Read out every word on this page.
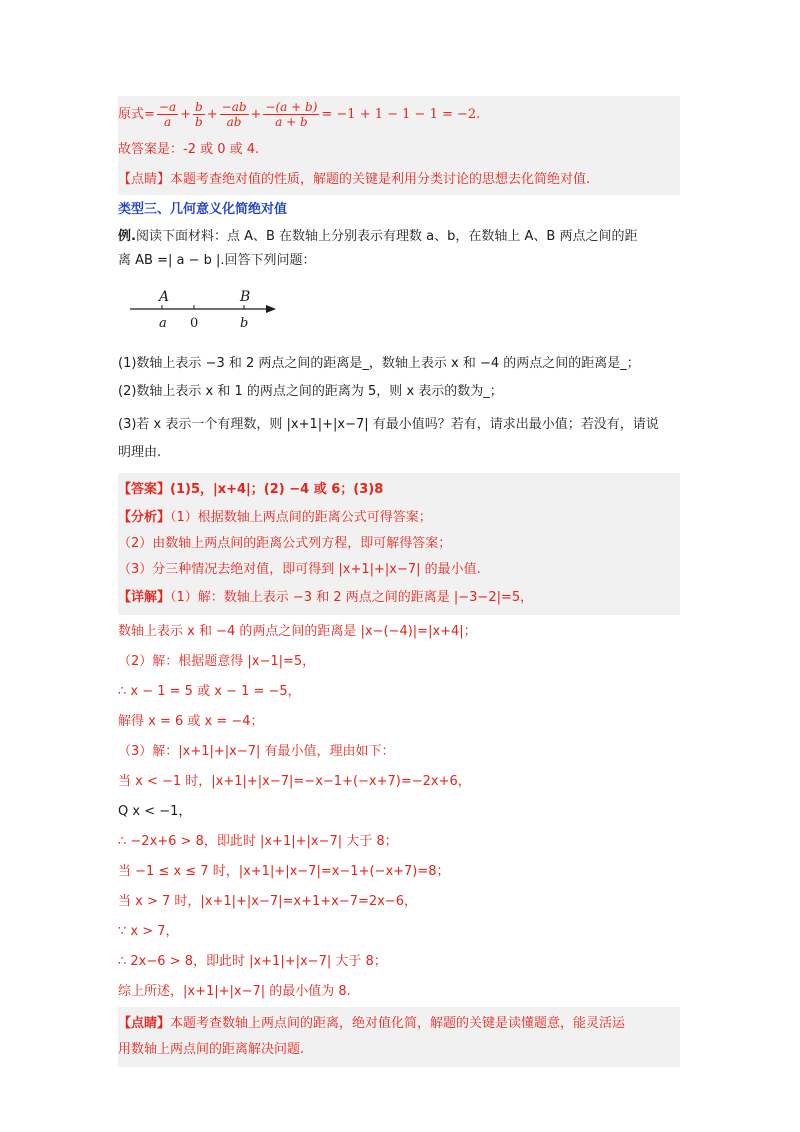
原式= $\frac{-a}{a} + \frac{b}{b} + \frac{-ab}{ab} + \frac{-(a + b)}{a + b} = -1 + 1 - 1 - 1 = -2$.
故答案是：-2 或 0 或 4.
【点睛】本题考查绝对值的性质，解题的关键是利用分类讨论的思想去化简绝对值.
类型三、几何意义化简绝对值
例.阅读下面材料：点 A、B 在数轴上分别表示有理数 a、b，在数轴上 A、B 两点之间的距
离 AB =| a − b |.回答下列问题：
A	B
a 0	b
(1)数轴上表示 −3 和 2 两点之间的距离是_，数轴上表示 x 和 −4 的两点之间的距离是_；
(2)数轴上表示 x 和 1 的两点之间的距离为 5，则 x 表示的数为_；
(3)若 x 表示一个有理数，则 |x+1|+|x−7| 有最小值吗？若有，请求出最小值；若没有，请说
明理由.
【答案】(1)5，|x+4|；(2) −4 或 6；(3)8
【分析】（1）根据数轴上两点间的距离公式可得答案；
（2）由数轴上两点间的距离公式列方程，即可解得答案；
（3）分三种情况去绝对值，即可得到 |x+1|+|x−7| 的最小值.
【详解】（1）解：数轴上表示 −3 和 2 两点之间的距离是 |−3−2|=5，
数轴上表示 x 和 −4 的两点之间的距离是 |x−(−4)|=|x+4|；
（2）解：根据题意得 |x−1|=5，
∴ x − 1 = 5 或 x − 1 = −5，
解得 x = 6 或 x = −4；
（3）解：|x+1|+|x−7| 有最小值，理由如下：
当 x < −1 时，|x+1|+|x−7|=−x−1+(−x+7)=−2x+6，
Q x < −1，
∴ −2x+6 > 8，即此时 |x+1|+|x−7| 大于 8；
当 −1 ≤ x ≤ 7 时，|x+1|+|x−7|=x−1+(−x+7)=8；
当 x > 7 时，|x+1|+|x−7|=x+1+x−7=2x−6，
∵ x > 7，
∴ 2x−6 > 8，即此时 |x+1|+|x−7| 大于 8；
综上所述，|x+1|+|x−7| 的最小值为 8.
【点睛】本题考查数轴上两点间的距离，绝对值化简，解题的关键是读懂题意，能灵活运
用数轴上两点间的距离解决问题.
